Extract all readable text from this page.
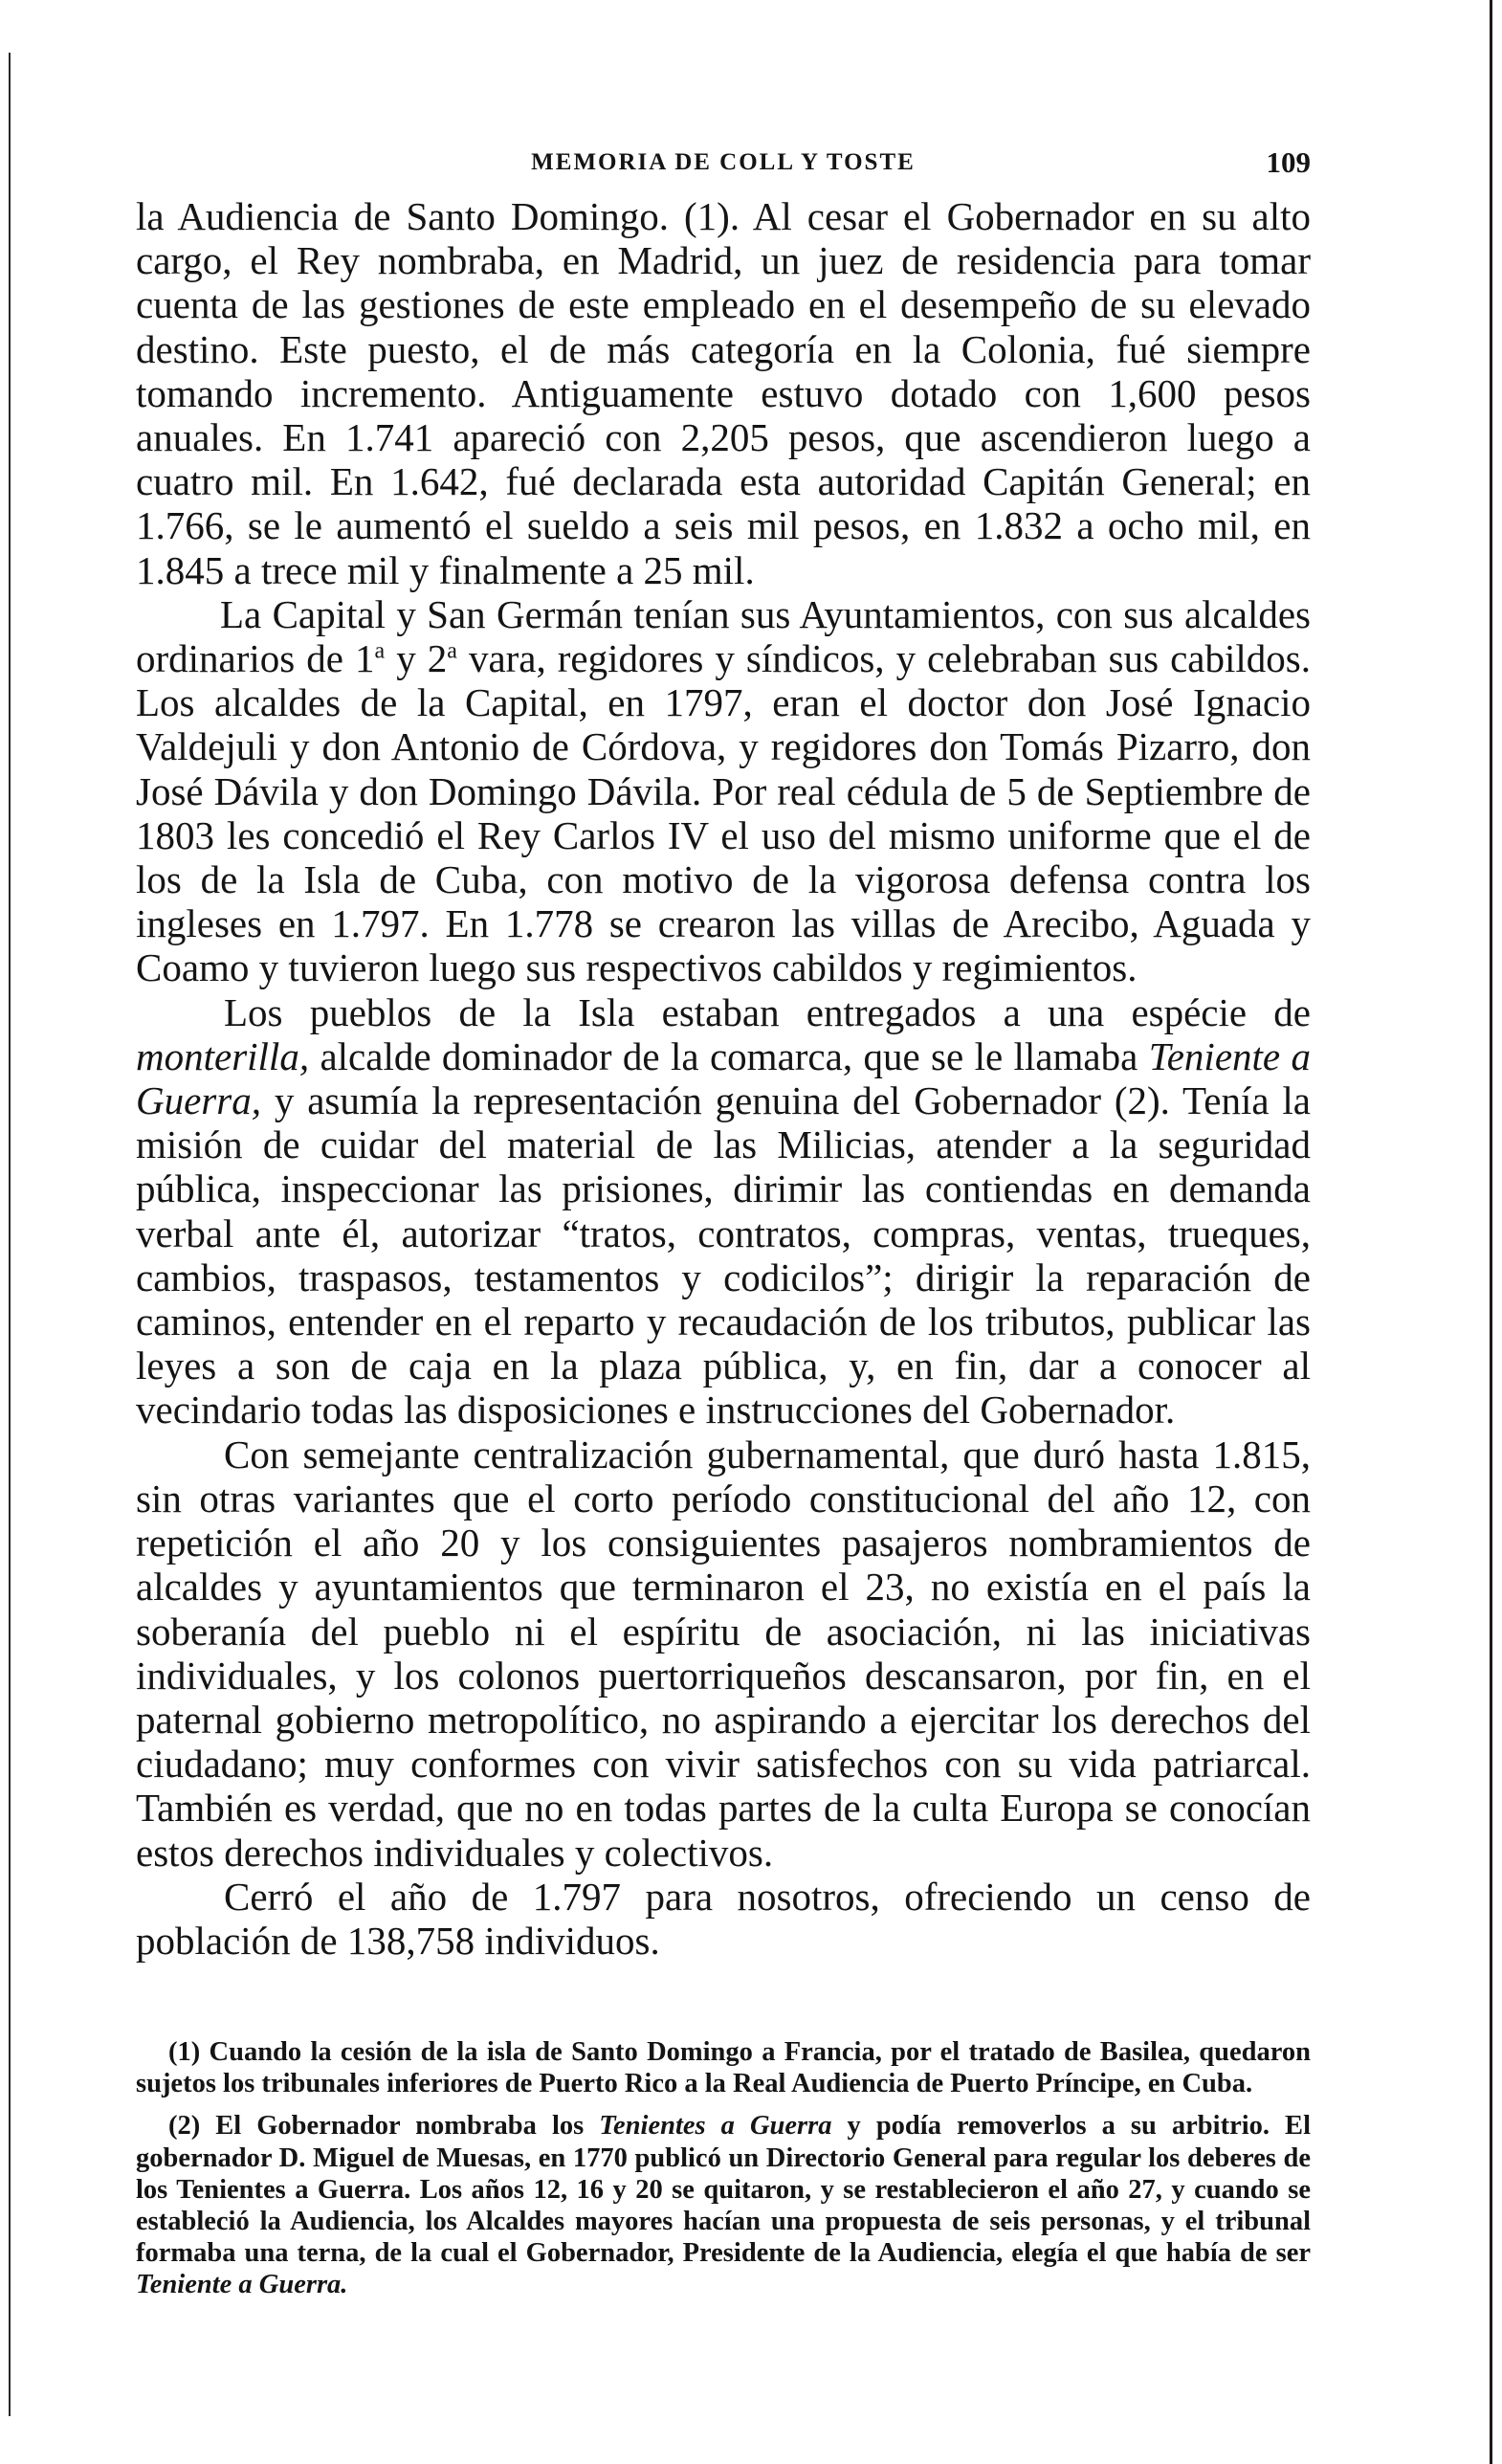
MEMORIA DE COLL Y TOSTE	109

la Audiencia de Santo Domingo. (1). Al cesar el Gobernador en su alto cargo, el Rey nombraba, en Madrid, un juez de residencia para tomar cuenta de las gestiones de este empleado en el desempeño de su elevado destino. Este puesto, el de más categoría en la Colonia, fué siempre tomando incremento. Antiguamente estuvo dotado con 1,600 pesos anuales. En 1.741 apareció con 2,205 pesos, que ascendieron luego a cuatro mil. En 1.642, fué declarada esta autoridad Capitán General; en 1.766, se le aumentó el sueldo a seis mil pesos, en 1.832 a ocho mil, en 1.845 a trece mil y finalmente a 25 mil.

La Capital y San Germán tenían sus Ayuntamientos, con sus alcaldes ordinarios de 1$^a$ y 2$^a$ vara, regidores y síndicos, y celebraban sus cabildos. Los alcaldes de la Capital, en 1797, eran el doctor don José Ignacio Valdejuli y don Antonio de Córdova, y regidores don Tomás Pizarro, don José Dávila y don Domingo Dávila. Por real cédula de 5 de Septiembre de 1803 les concedió el Rey Carlos IV el uso del mismo uniforme que el de los de la Isla de Cuba, con motivo de la vigorosa defensa contra los ingleses en 1.797. En 1.778 se crearon las villas de Arecibo, Aguada y Coamo y tuvieron luego sus respectivos cabildos y regimientos.

Los pueblos de la Isla estaban entregados a una espécie de monterilla, alcalde dominador de la comarca, que se le llamaba Teniente a Guerra, y asumía la representación genuina del Gobernador (2). Tenía la misión de cuidar del material de las Milicias, atender a la seguridad pública, inspeccionar las prisiones, dirimir las contiendas en demanda verbal ante él, autorizar “tratos, contratos, compras, ventas, trueques, cambios, traspasos, testamentos y codicilos”; dirigir la reparación de caminos, entender en el reparto y recaudación de los tributos, publicar las leyes a son de caja en la plaza pública, y, en fin, dar a conocer al vecindario todas las disposiciones e instrucciones del Gobernador.

Con semejante centralización gubernamental, que duró hasta 1.815, sin otras variantes que el corto período constitucional del año 12, con repetición el año 20 y los consiguientes pasajeros nombramientos de alcaldes y ayuntamientos que terminaron el 23, no existía en el país la soberanía del pueblo ni el espíritu de asociación, ni las iniciativas individuales, y los colonos puertorriqueños descansaron, por fin, en el paternal gobierno metropolítico, no aspirando a ejercitar los derechos del ciudadano; muy conformes con vivir satisfechos con su vida patriarcal. También es verdad, que no en todas partes de la culta Europa se conocían estos derechos individuales y colectivos.

Cerró el año de 1.797 para nosotros, ofreciendo un censo de población de 138,758 individuos.

(1) Cuando la cesión de la isla de Santo Domingo a Francia, por el tratado de Basilea, quedaron sujetos los tribunales inferiores de Puerto Rico a la Real Audiencia de Puerto Príncipe, en Cuba.

(2) El Gobernador nombraba los Tenientes a Guerra y podía removerlos a su arbitrio. El gobernador D. Miguel de Muesas, en 1770 publicó un Directorio General para regular los deberes de los Tenientes a Guerra. Los años 12, 16 y 20 se quitaron, y se restablecieron el año 27, y cuando se estableció la Audiencia, los Alcaldes mayores hacían una propuesta de seis personas, y el tribunal formaba una terna, de la cual el Gobernador, Presidente de la Audiencia, elegía el que había de ser Teniente a Guerra.
